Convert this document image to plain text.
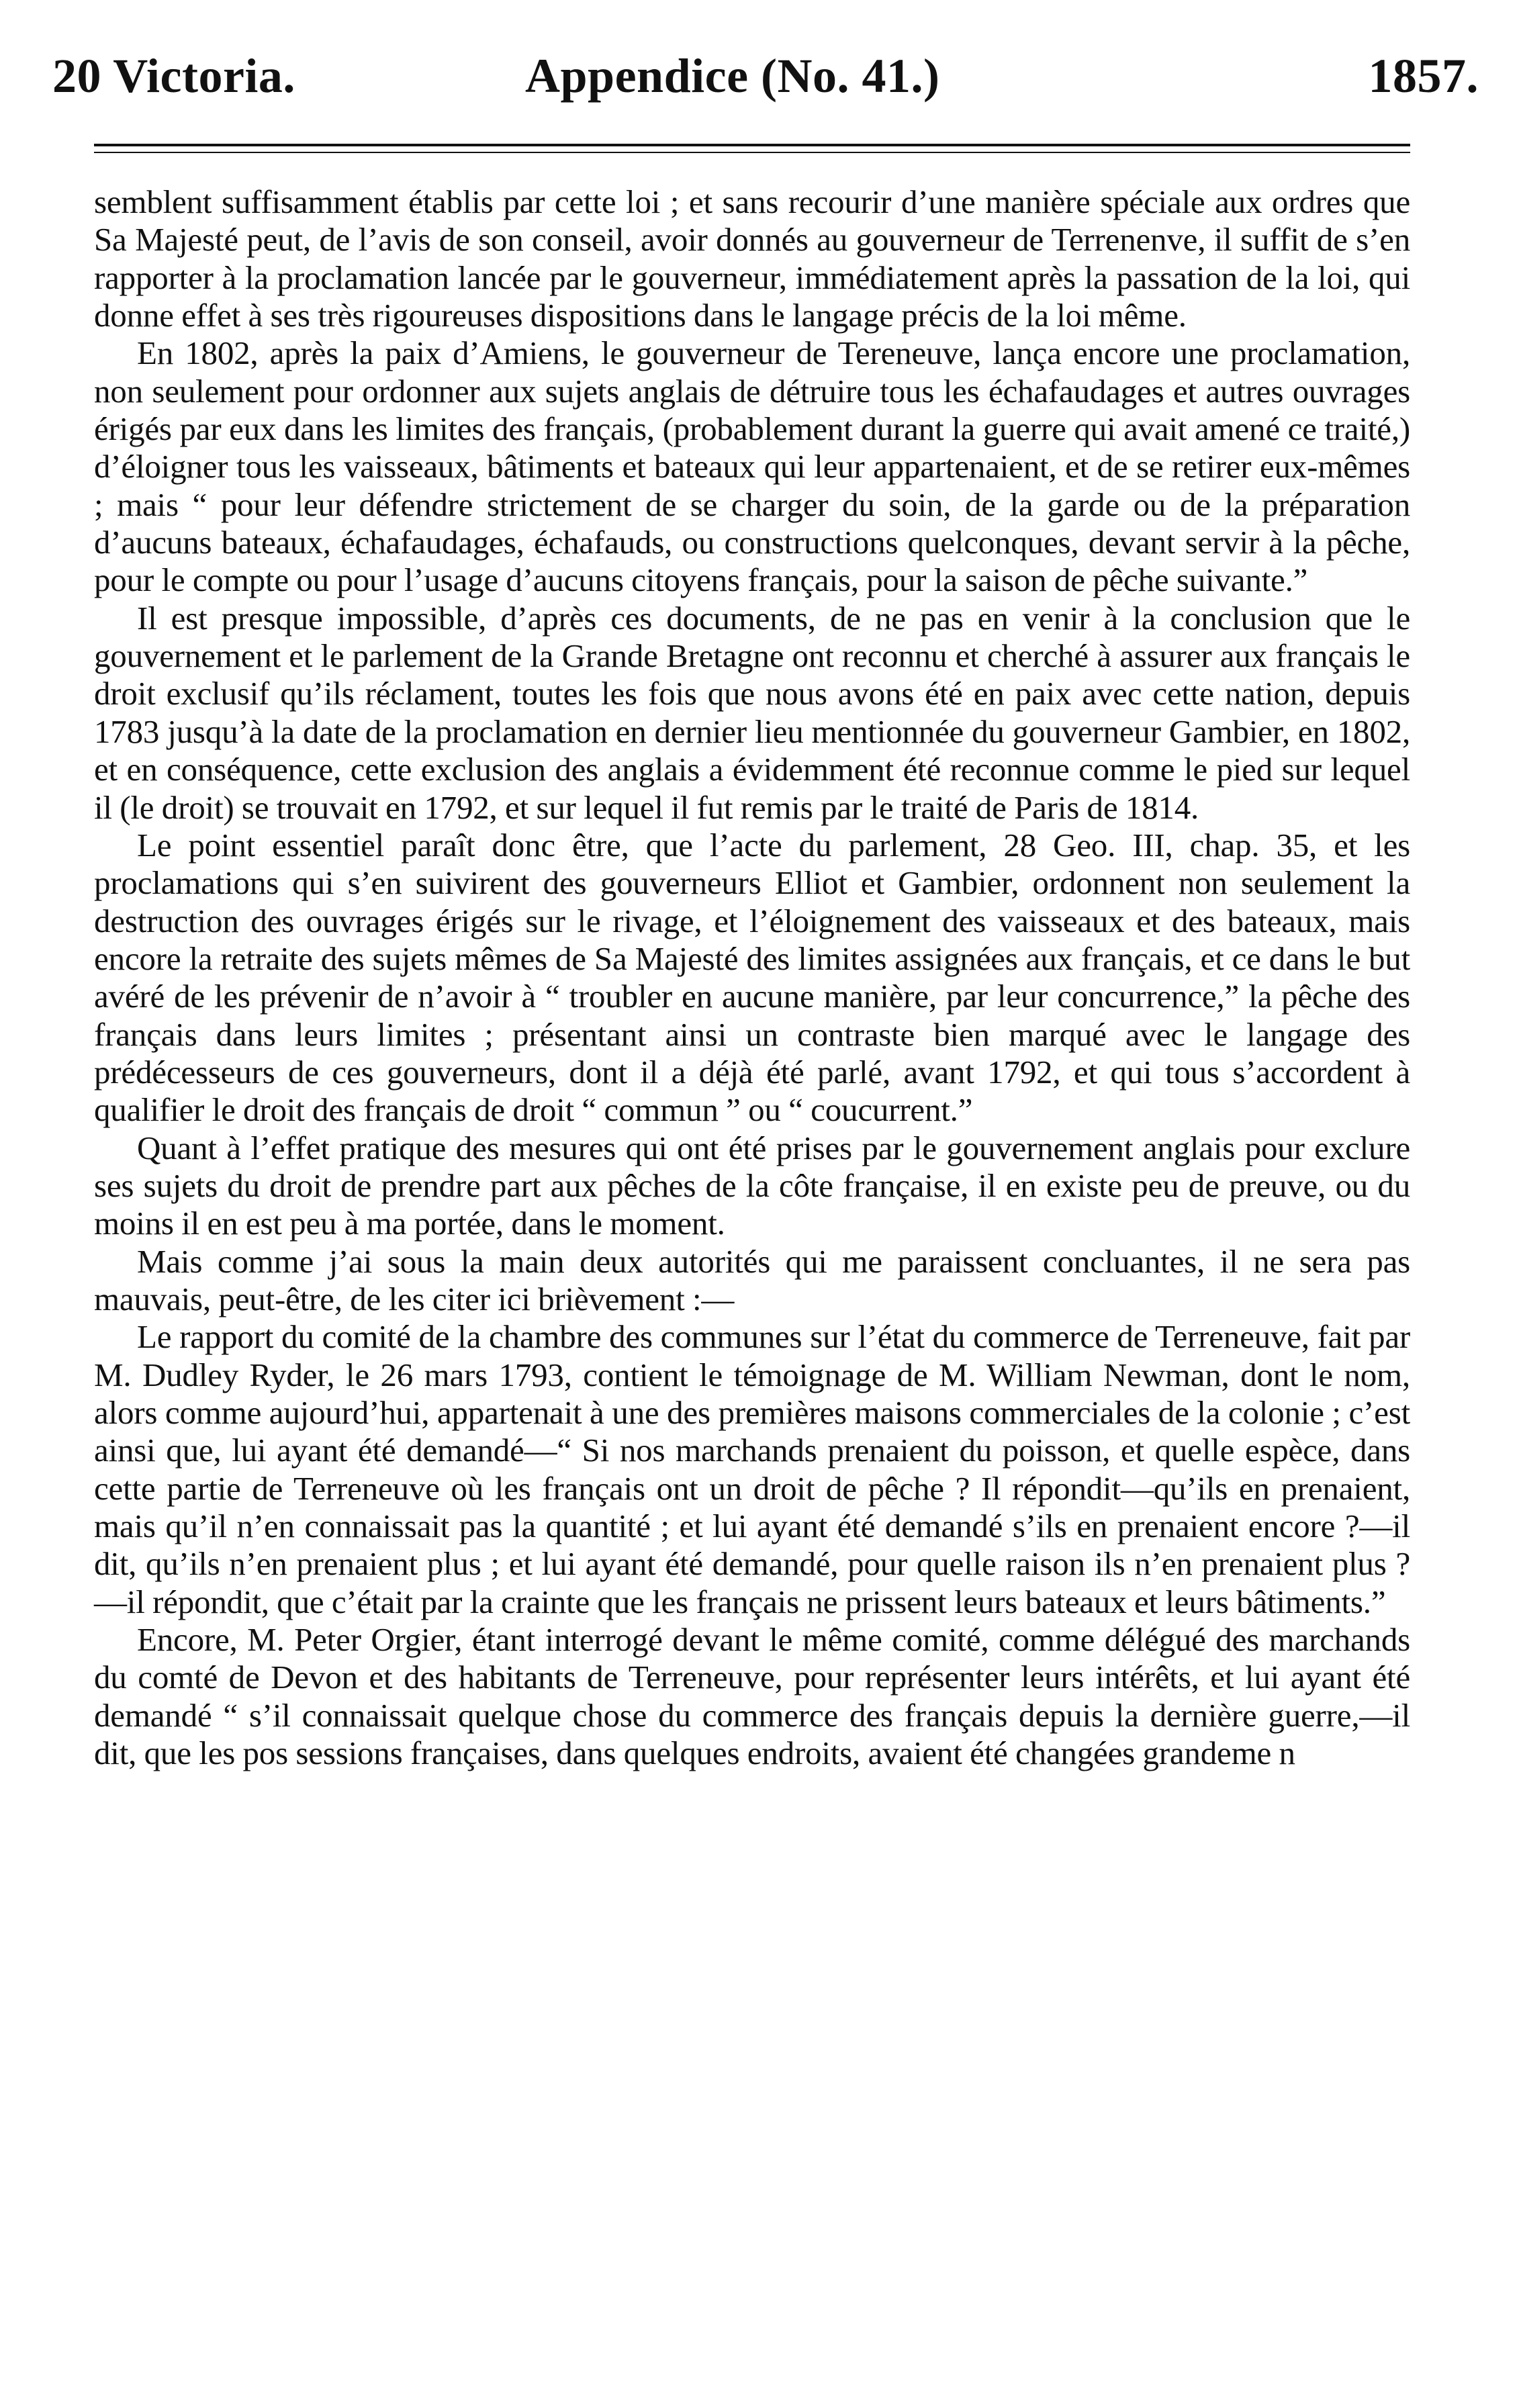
20 Victoria.	Appendice (No. 41.)	1857.

semblent suffisamment établis par cette loi ; et sans recourir d’une manière spéciale aux ordres que Sa Majesté peut, de l’avis de son conseil, avoir donnés au gouverneur de Terrenenve, il suffit de s’en rapporter à la proclamation lancée par le gouverneur, immédiatement après la passation de la loi, qui donne effet à ses très rigoureuses dispositions dans le langage précis de la loi même.

En 1802, après la paix d’Amiens, le gouverneur de Tereneuve, lança encore une proclamation, non seulement pour ordonner aux sujets anglais de détruire tous les échafaudages et autres ouvrages érigés par eux dans les limites des français, (probablement durant la guerre qui avait amené ce traité,) d’éloigner tous les vaisseaux, bâtiments et bateaux qui leur appartenaient, et de se retirer eux-mêmes ; mais “ pour leur défendre strictement de se charger du soin, de la garde ou de la préparation d’aucuns bateaux, échafaudages, échafauds, ou constructions quelconques, devant servir à la pêche, pour le compte ou pour l’usage d’aucuns citoyens français, pour la saison de pêche suivante.”

Il est presque impossible, d’après ces documents, de ne pas en venir à la conclusion que le gouvernement et le parlement de la Grande Bretagne ont reconnu et cherché à assurer aux français le droit exclusif qu’ils réclament, toutes les fois que nous avons été en paix avec cette nation, depuis 1783 jusqu’à la date de la proclamation en dernier lieu mentionnée du gouverneur Gambier, en 1802, et en conséquence, cette exclusion des anglais a évidemment été reconnue comme le pied sur lequel il (le droit) se trouvait en 1792, et sur lequel il fut remis par le traité de Paris de 1814.

Le point essentiel paraît donc être, que l’acte du parlement, 28 Geo. III, chap. 35, et les proclamations qui s’en suivirent des gouverneurs Elliot et Gambier, ordonnent non seulement la destruction des ouvrages érigés sur le rivage, et l’éloignement des vaisseaux et des bateaux, mais encore la retraite des sujets mêmes de Sa Majesté des limites assignées aux français, et ce dans le but avéré de les prévenir de n’avoir à “ troubler en aucune manière, par leur concurrence,” la pêche des français dans leurs limites ; présentant ainsi un contraste bien marqué avec le langage des prédécesseurs de ces gouverneurs, dont il a déjà été parlé, avant 1792, et qui tous s’accordent à qualifier le droit des français de droit “ commun ” ou “ coucurrent.”

Quant à l’effet pratique des mesures qui ont été prises par le gouvernement anglais pour exclure ses sujets du droit de prendre part aux pêches de la côte française, il en existe peu de preuve, ou du moins il en est peu à ma portée, dans le moment.

Mais comme j’ai sous la main deux autorités qui me paraissent concluantes, il ne sera pas mauvais, peut-être, de les citer ici brièvement :—

Le rapport du comité de la chambre des communes sur l’état du commerce de Terreneuve, fait par M. Dudley Ryder, le 26 mars 1793, contient le témoignage de M. William Newman, dont le nom, alors comme aujourd’hui, appartenait à une des premières maisons commerciales de la colonie ; c’est ainsi que, lui ayant été demandé—“ Si nos marchands prenaient du poisson, et quelle espèce, dans cette partie de Terreneuve où les français ont un droit de pêche ? Il répondit—qu’ils en prenaient, mais qu’il n’en connaissait pas la quantité ; et lui ayant été demandé s’ils en prenaient encore ?—il dit, qu’ils n’en prenaient plus ; et lui ayant été demandé, pour quelle raison ils n’en prenaient plus ?—il répondit, que c’était par la crainte que les français ne prissent leurs bateaux et leurs bâtiments.”

Encore, M. Peter Orgier, étant interrogé devant le même comité, comme délégué des marchands du comté de Devon et des habitants de Terreneuve, pour représenter leurs intérêts, et lui ayant été demandé “ s’il connaissait quelque chose du commerce des français depuis la dernière guerre,—il dit, que les pos sessions françaises, dans quelques endroits, avaient été changées grandeme n
